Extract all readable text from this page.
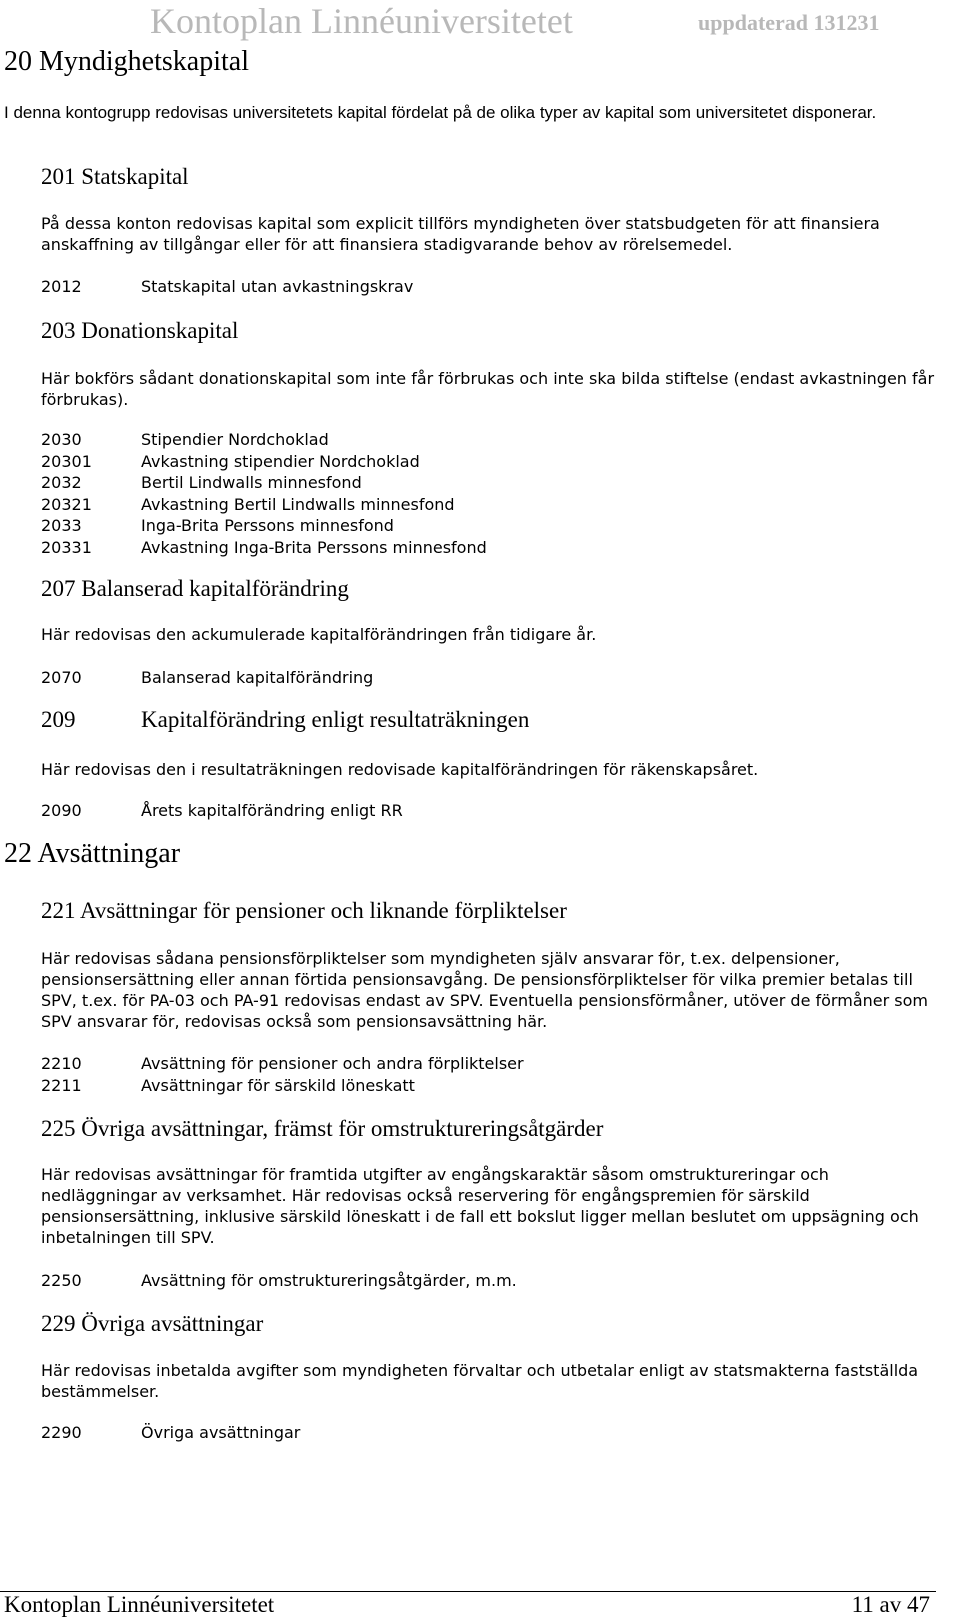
Kontoplan Linnéuniversitetet	uppdaterad 131231
20 Myndighetskapital
I denna kontogrupp redovisas universitetets kapital fördelat på de olika typer av kapital som universitetet disponerar.
201 Statskapital
På dessa konton redovisas kapital som explicit tillförs myndigheten över statsbudgeten för att finansiera anskaffning av tillgångar eller för att finansiera stadigvarande behov av rörelsemedel.
2012	Statskapital utan avkastningskrav
203 Donationskapital
Här bokförs sådant donationskapital som inte får förbrukas och inte ska bilda stiftelse (endast avkastningen får förbrukas).
2030	Stipendier Nordchoklad
20301	Avkastning stipendier Nordchoklad
2032	Bertil Lindwalls minnesfond
20321	Avkastning Bertil Lindwalls minnesfond
2033	Inga-Brita Perssons minnesfond
20331	Avkastning Inga-Brita Perssons minnesfond
207 Balanserad kapitalförändring
Här redovisas den ackumulerade kapitalförändringen från tidigare år.
2070	Balanserad kapitalförändring
209	Kapitalförändring enligt resultaträkningen
Här redovisas den i resultaträkningen redovisade kapitalförändringen för räkenskapsåret.
2090	Årets kapitalförändring enligt RR
22 Avsättningar
221 Avsättningar för pensioner och liknande förpliktelser
Här redovisas sådana pensionsförpliktelser som myndigheten själv ansvarar för, t.ex. delpensioner, pensionsersättning eller annan förtida pensionsavgång. De pensionsförpliktelser för vilka premier betalas till SPV, t.ex. för PA-03 och PA-91 redovisas endast av SPV. Eventuella pensionsförmåner, utöver de förmåner som SPV ansvarar för, redovisas också som pensionsavsättning här.
2210	Avsättning för pensioner och andra förpliktelser
2211	Avsättningar för särskild löneskatt
225 Övriga avsättningar, främst för omstruktureringsåtgärder
Här redovisas avsättningar för framtida utgifter av engångskaraktär såsom omstruktureringar och nedläggningar av verksamhet. Här redovisas också reservering för engångspremien för särskild pensionsersättning, inklusive särskild löneskatt i de fall ett bokslut ligger mellan beslutet om uppsägning och inbetalningen till SPV.
2250	Avsättning för omstruktureringsåtgärder, m.m.
229 Övriga avsättningar
Här redovisas inbetalda avgifter som myndigheten förvaltar och utbetalar enligt av statsmakterna fastställda bestämmelser.
2290	Övriga avsättningar
Kontoplan Linnéuniversitetet	11 av 47
